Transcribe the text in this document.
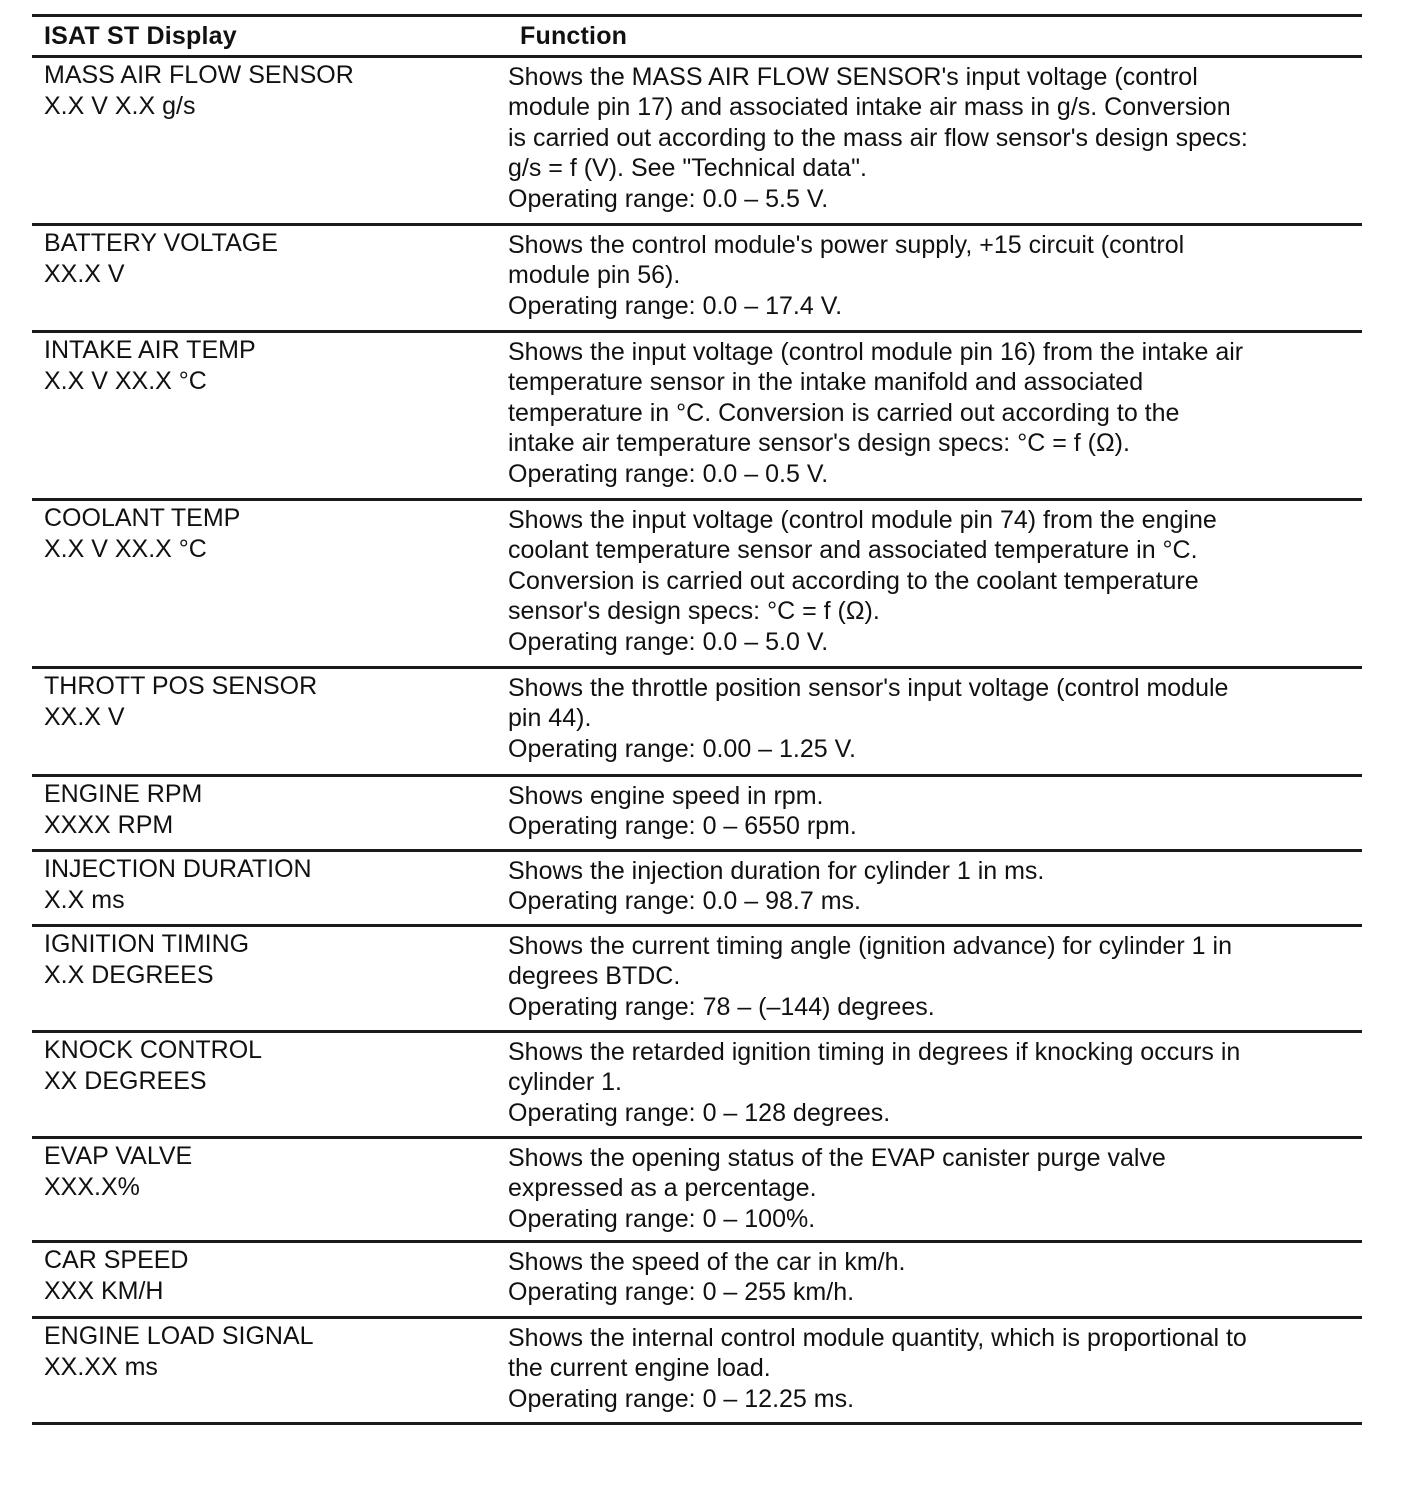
ISAT ST Display	Function
MASS AIR FLOW SENSOR
X.X V X.X g/s
Shows the MASS AIR FLOW SENSOR's input voltage (control
module pin 17) and associated intake air mass in g/s. Conversion
is carried out according to the mass air flow sensor's design specs:
g/s = f (V). See "Technical data".
Operating range: 0.0 – 5.5 V.
BATTERY VOLTAGE
XX.X V
Shows the control module's power supply, +15 circuit (control
module pin 56).
Operating range: 0.0 – 17.4 V.
INTAKE AIR TEMP
X.X V XX.X °C
Shows the input voltage (control module pin 16) from the intake air
temperature sensor in the intake manifold and associated
temperature in °C. Conversion is carried out according to the
intake air temperature sensor's design specs: °C = f (Ω).
Operating range: 0.0 – 0.5 V.
COOLANT TEMP
X.X V XX.X °C
Shows the input voltage (control module pin 74) from the engine
coolant temperature sensor and associated temperature in °C.
Conversion is carried out according to the coolant temperature
sensor's design specs: °C = f (Ω).
Operating range: 0.0 – 5.0 V.
THROTT POS SENSOR
XX.X V
Shows the throttle position sensor's input voltage (control module
pin 44).
Operating range: 0.00 – 1.25 V.
ENGINE RPM
XXXX RPM
Shows engine speed in rpm.
Operating range: 0 – 6550 rpm.
INJECTION DURATION
X.X ms
Shows the injection duration for cylinder 1 in ms.
Operating range: 0.0 – 98.7 ms.
IGNITION TIMING
X.X DEGREES
Shows the current timing angle (ignition advance) for cylinder 1 in
degrees BTDC.
Operating range: 78 – (–144) degrees.
KNOCK CONTROL
XX DEGREES
Shows the retarded ignition timing in degrees if knocking occurs in
cylinder 1.
Operating range: 0 – 128 degrees.
EVAP VALVE
XXX.X%
Shows the opening status of the EVAP canister purge valve
expressed as a percentage.
Operating range: 0 – 100%.
CAR SPEED
XXX KM/H
Shows the speed of the car in km/h.
Operating range: 0 – 255 km/h.
ENGINE LOAD SIGNAL
XX.XX ms
Shows the internal control module quantity, which is proportional to
the current engine load.
Operating range: 0 – 12.25 ms.
